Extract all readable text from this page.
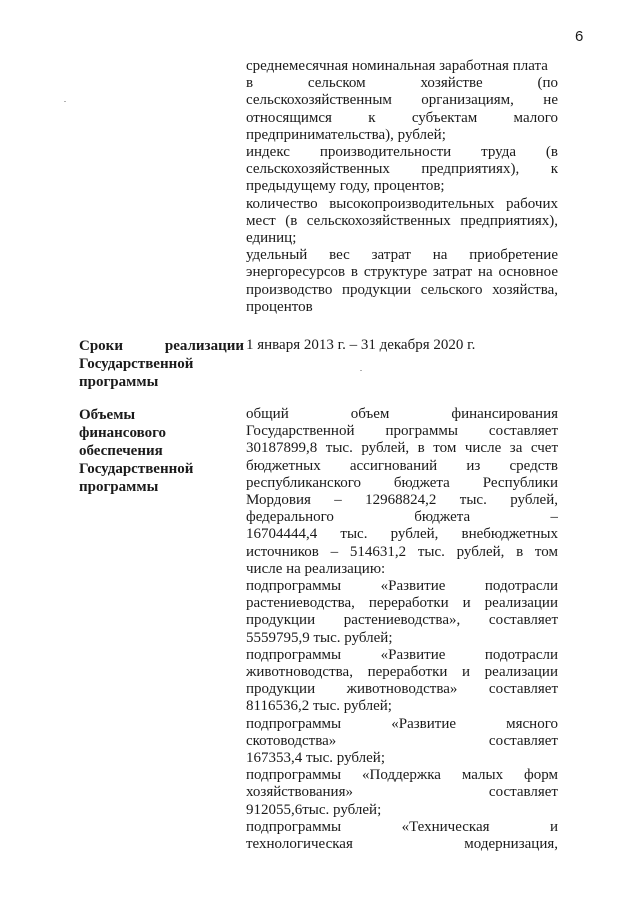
6
среднемесячная номинальная заработная плата
в сельском хозяйстве (по
сельскохозяйственным организациям, не
относящимся к субъектам малого
предпринимательства), рублей;
индекс производительности труда (в
сельскохозяйственных предприятиях), к
предыдущему году, процентов;
количество высокопроизводительных рабочих
мест (в сельскохозяйственных предприятиях),
единиц;
удельный вес затрат на приобретение
энергоресурсов в структуре затрат на основное
производство продукции сельского хозяйства,
процентов
Сроки реализации
Государственной
программы
1 января 2013 г. – 31 декабря 2020 г.
Объемы
финансового
обеспечения
Государственной
программы
общий объем финансирования
Государственной программы составляет
30187899,8 тыс. рублей, в том числе за счет
бюджетных ассигнований из средств
республиканского бюджета Республики
Мордовия – 12968824,2 тыс. рублей,
федерального бюджета –
16704444,4 тыс. рублей, внебюджетных
источников – 514631,2 тыс. рублей, в том
числе на реализацию:
подпрограммы «Развитие подотрасли
растениеводства, переработки и реализации
продукции растениеводства», составляет
5559795,9 тыс. рублей;
подпрограммы «Развитие подотрасли
животноводства, переработки и реализации
продукции животноводства» составляет
8116536,2 тыс. рублей;
подпрограммы «Развитие мясного
скотоводства» составляет
167353,4 тыс. рублей;
подпрограммы «Поддержка малых форм
хозяйствования» составляет
912055,6тыс. рублей;
подпрограммы «Техническая и
технологическая модернизация,
